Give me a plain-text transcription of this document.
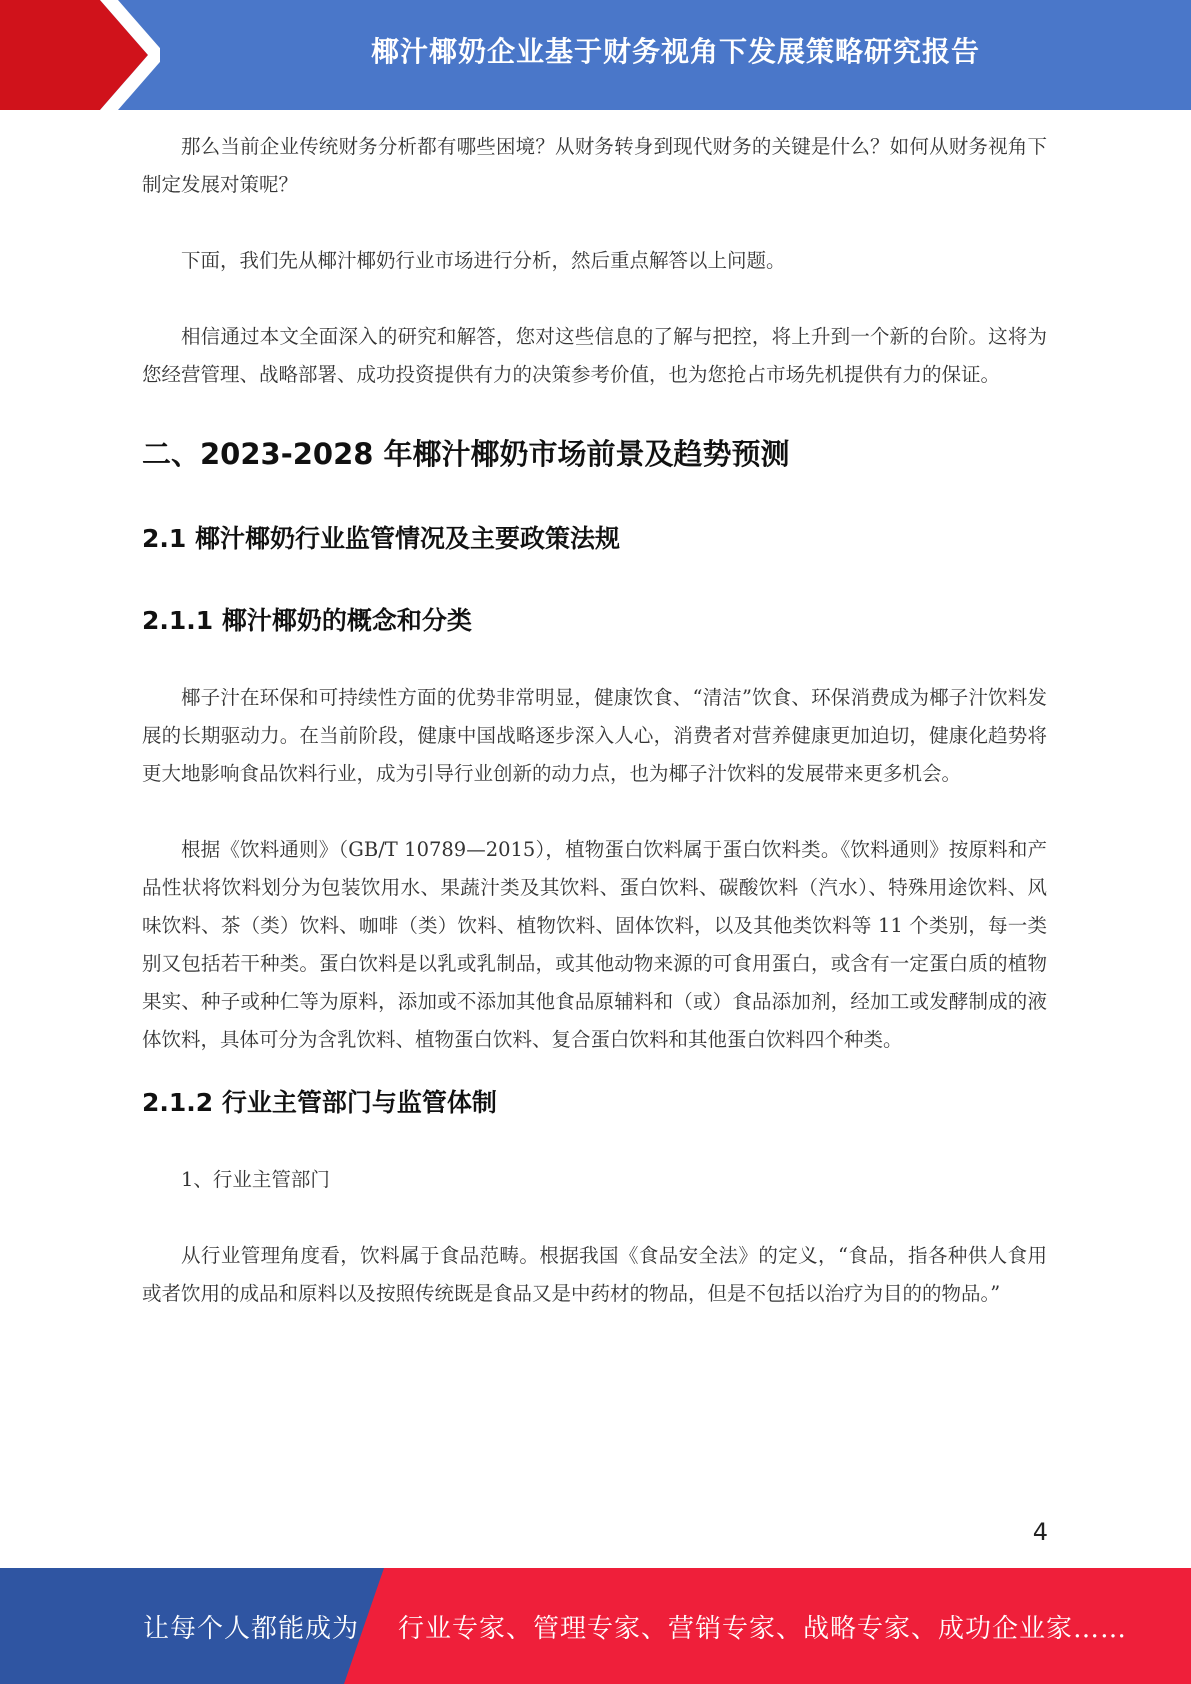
椰汁椰奶企业基于财务视角下发展策略研究报告

那么当前企业传统财务分析都有哪些困境？从财务转身到现代财务的关键是什么？如何从财务视角下制定发展对策呢？

下面，我们先从椰汁椰奶行业市场进行分析，然后重点解答以上问题。

相信通过本文全面深入的研究和解答，您对这些信息的了解与把控，将上升到一个新的台阶。这将为您经营管理、战略部署、成功投资提供有力的决策参考价值，也为您抢占市场先机提供有力的保证。

二、2023-2028 年椰汁椰奶市场前景及趋势预测
2.1 椰汁椰奶行业监管情况及主要政策法规
2.1.1 椰汁椰奶的概念和分类

椰子汁在环保和可持续性方面的优势非常明显，健康饮食、“清洁”饮食、环保消费成为椰子汁饮料发展的长期驱动力。在当前阶段，健康中国战略逐步深入人心，消费者对营养健康更加迫切，健康化趋势将更大地影响食品饮料行业，成为引导行业创新的动力点，也为椰子汁饮料的发展带来更多机会。

根据《饮料通则》（GB/T 10789—2015），植物蛋白饮料属于蛋白饮料类。《饮料通则》按原料和产品性状将饮料划分为包装饮用水、果蔬汁类及其饮料、蛋白饮料、碳酸饮料（汽水）、特殊用途饮料、风味饮料、茶（类）饮料、咖啡（类）饮料、植物饮料、固体饮料，以及其他类饮料等 11 个类别，每一类别又包括若干种类。蛋白饮料是以乳或乳制品，或其他动物来源的可食用蛋白，或含有一定蛋白质的植物果实、种子或种仁等为原料，添加或不添加其他食品原辅料和（或）食品添加剂，经加工或发酵制成的液体饮料，具体可分为含乳饮料、植物蛋白饮料、复合蛋白饮料和其他蛋白饮料四个种类。

2.1.2 行业主管部门与监管体制

1、行业主管部门

从行业管理角度看，饮料属于食品范畴。根据我国《食品安全法》的定义，“食品，指各种供人食用或者饮用的成品和原料以及按照传统既是食品又是中药材的物品，但是不包括以治疗为目的的物品。”

4
让每个人都能成为 行业专家、管理专家、营销专家、战略专家、成功企业家……
